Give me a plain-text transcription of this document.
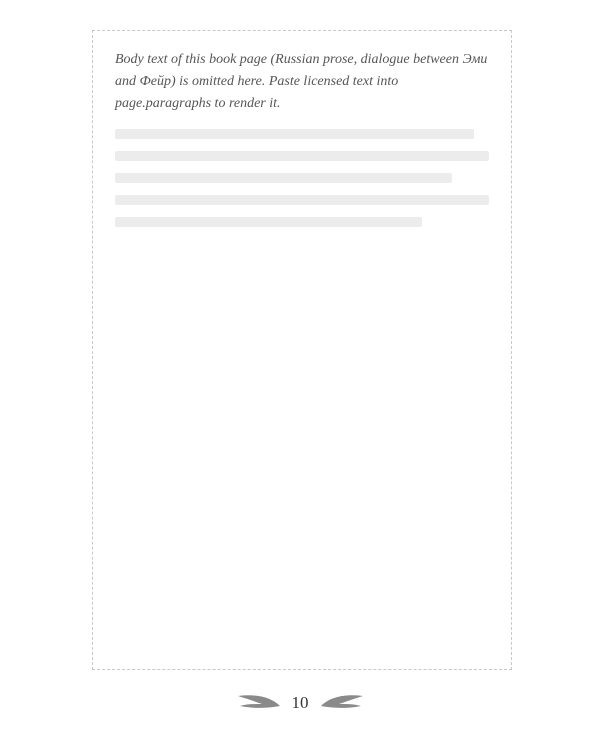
Body text of this book page (Russian prose, dialogue between Эми and Фейр) is omitted here. Paste licensed text into page.paragraphs to render it.

10
